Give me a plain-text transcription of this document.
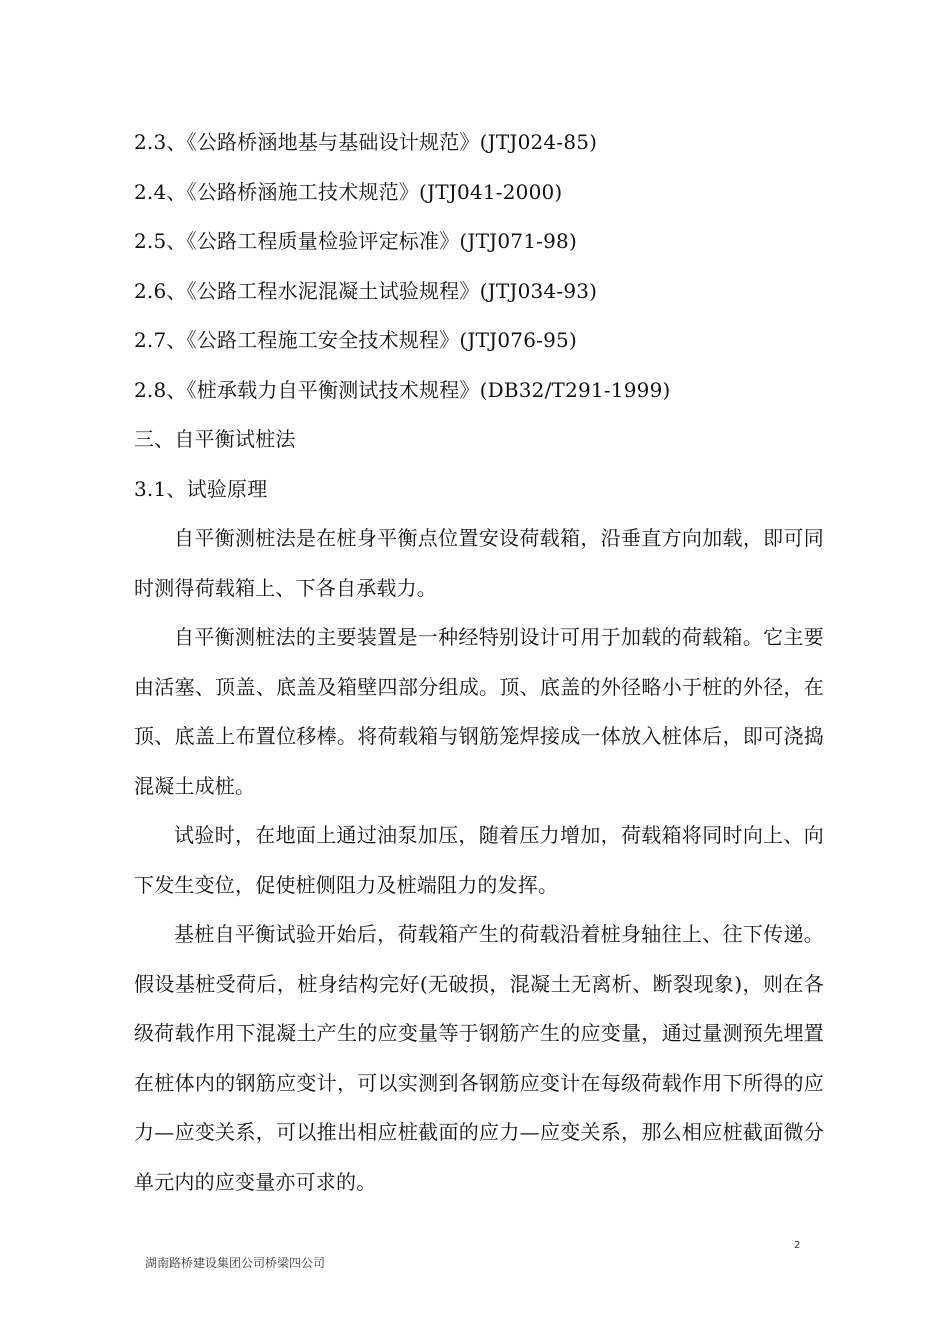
2.3、《公路桥涵地基与基础设计规范》(JTJ024-85)
2.4、《公路桥涵施工技术规范》(JTJ041-2000)
2.5、《公路工程质量检验评定标准》(JTJ071-98)
2.6、《公路工程水泥混凝土试验规程》(JTJ034-93)
2.7、《公路工程施工安全技术规程》(JTJ076-95)
2.8、《桩承载力自平衡测试技术规程》(DB32/T291-1999)
三、自平衡试桩法
3.1、试验原理
自平衡测桩法是在桩身平衡点位置安设荷载箱，沿垂直方向加载，即可同时测得荷载箱上、下各自承载力。
自平衡测桩法的主要装置是一种经特别设计可用于加载的荷载箱。它主要由活塞、顶盖、底盖及箱壁四部分组成。顶、底盖的外径略小于桩的外径，在顶、底盖上布置位移棒。将荷载箱与钢筋笼焊接成一体放入桩体后，即可浇捣混凝土成桩。
试验时，在地面上通过油泵加压，随着压力增加，荷载箱将同时向上、向下发生变位，促使桩侧阻力及桩端阻力的发挥。
基桩自平衡试验开始后，荷载箱产生的荷载沿着桩身轴往上、往下传递。假设基桩受荷后，桩身结构完好(无破损，混凝土无离析、断裂现象)，则在各级荷载作用下混凝土产生的应变量等于钢筋产生的应变量，通过量测预先埋置在桩体内的钢筋应变计，可以实测到各钢筋应变计在每级荷载作用下所得的应力—应变关系，可以推出相应桩截面的应力—应变关系，那么相应桩截面微分单元内的应变量亦可求的。
2
湖南路桥建设集团公司桥梁四公司
